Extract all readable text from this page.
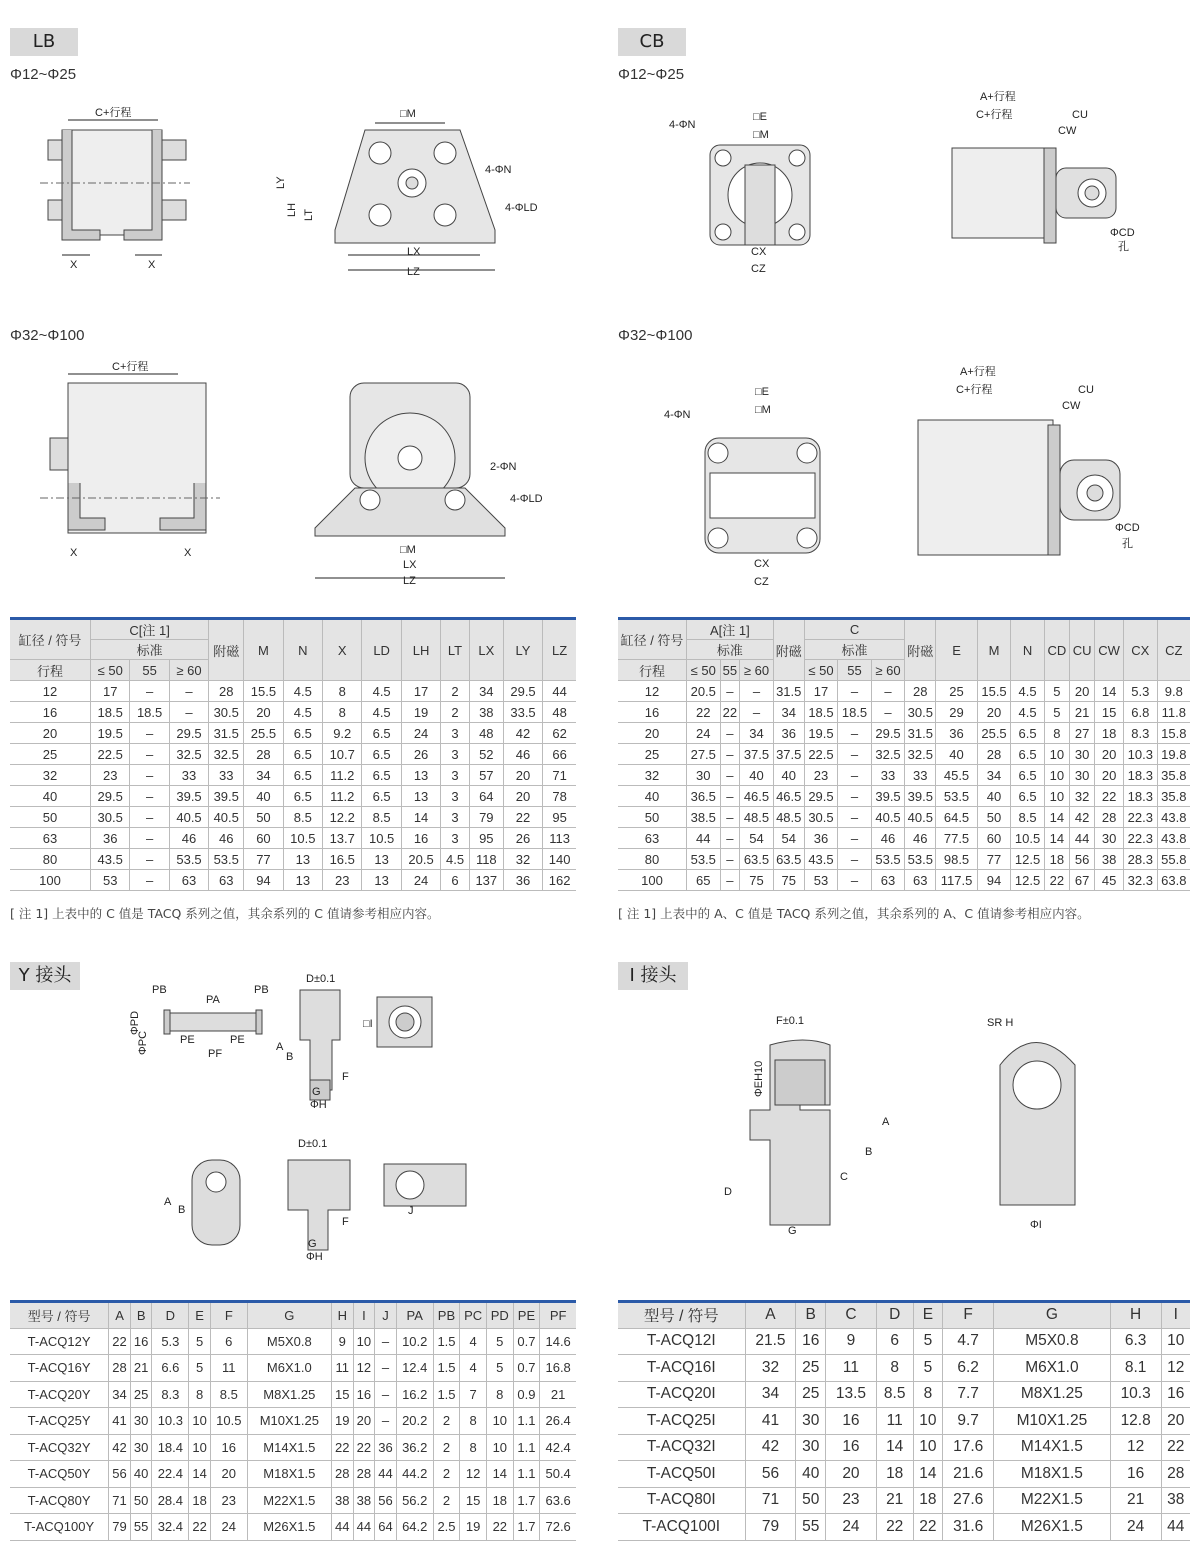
LB
Φ12~Φ25
Φ32~Φ100
CB
Φ12~Φ25
Φ32~Φ100
Y 接头	I 接头
C+行程
X	X
□M
4-ΦN
4-ΦLD
LY
LH LT
LX
LZ
C+行程
X	X
2-ΦN
4-ΦLD
□M
LX
LZ
□E
□M
4-ΦN
CX
CZ
A+行程
C+行程	CU
CW
ΦCD
孔
□E
□M
4-ΦN
CX
CZ
A+行程
C+行程	CU
CW
ΦCD
孔
缸径 / 符号	C[注 1]			附磁	M	N	X	LD	LH	LT	LX	LY	LZ
	标准												
行程	≤ 50	55	≥ 60										
12	17	–	–	28	15.5	4.5	8	4.5	17	2	34	29.5	44
16	18.5	18.5	–	30.5	20	4.5	8	4.5	19	2	38	33.5	48
20	19.5	–	29.5	31.5	25.5	6.5	9.2	6.5	24	3	48	42	62
25	22.5	–	32.5	32.5	28	6.5	10.7	6.5	26	3	52	46	66
32	23	–	33	33	34	6.5	11.2	6.5	13	3	57	20	71
40	29.5	–	39.5	39.5	40	6.5	11.2	6.5	13	3	64	20	78
50	30.5	–	40.5	40.5	50	8.5	12.2	8.5	14	3	79	22	95
63	36	–	46	46	60	10.5	13.7	10.5	16	3	95	26	113
80	43.5	–	53.5	53.5	77	13	16.5	13	20.5	4.5	118	32	140
100	53	–	63	63	94	13	23	13	24	6	137	36	162
[ 注 1] 上表中的 C 值是 TACQ 系列之值，其余系列的 C 值请参考相应内容。
缸径 / 符号	A[注 1]			附磁	C			附磁	E	M	N	CD	CU	CW	CX	CZ
	标准				标准											
行程	≤ 50	55	≥ 60		≤ 50	55	≥ 60									
12	20.5	–	–	31.5	17	–	–	28	25	15.5	4.5	5	20	14	5.3	9.8
16	22	22	–	34	18.5	18.5	–	30.5	29	20	4.5	5	21	15	6.8	11.8
20	24	–	34	36	19.5	–	29.5	31.5	36	25.5	6.5	8	27	18	8.3	15.8
25	27.5	–	37.5	37.5	22.5	–	32.5	32.5	40	28	6.5	10	30	20	10.3	19.8
32	30	–	40	40	23	–	33	33	45.5	34	6.5	10	30	20	18.3	35.8
40	36.5	–	46.5	46.5	29.5	–	39.5	39.5	53.5	40	6.5	10	32	22	18.3	35.8
50	38.5	–	48.5	48.5	30.5	–	40.5	40.5	64.5	50	8.5	14	42	28	22.3	43.8
63	44	–	54	54	36	–	46	46	77.5	60	10.5	14	44	30	22.3	43.8
80	53.5	–	63.5	63.5	43.5	–	53.5	53.5	98.5	77	12.5	18	56	38	28.3	55.8
100	65	–	75	75	53	–	63	63	117.5	94	12.5	22	67	45	32.3	63.8
[ 注 1] 上表中的 A、C 值是 TACQ 系列之值，其余系列的 A、C 值请参考相应内容。
PB
PA
PB
PE	PE
PF
ΦPD
ΦPC
D±0.1
A
B
F
G
ΦH
□I
A
B
D±0.1
G
ΦH
F
J
F±0.1
ΦEH10
D
C
B
A
G
SR H
ΦI
型号 / 符号	A	B	D	E	F	G	H	I	J	PA	PB	PC	PD	PE	PF
T-ACQ12Y	22	16	5.3	5	6	M5X0.8	9	10	–	10.2	1.5	4	5	0.7	14.6
T-ACQ16Y	28	21	6.6	5	11	M6X1.0	11	12	–	12.4	1.5	4	5	0.7	16.8
T-ACQ20Y	34	25	8.3	8	8.5	M8X1.25	15	16	–	16.2	1.5	7	8	0.9	21
T-ACQ25Y	41	30	10.3	10	10.5	M10X1.25	19	20	–	20.2	2	8	10	1.1	26.4
T-ACQ32Y	42	30	18.4	10	16	M14X1.5	22	22	36	36.2	2	8	10	1.1	42.4
T-ACQ50Y	56	40	22.4	14	20	M18X1.5	28	28	44	44.2	2	12	14	1.1	50.4
T-ACQ80Y	71	50	28.4	18	23	M22X1.5	38	38	56	56.2	2	15	18	1.7	63.6
T-ACQ100Y	79	55	32.4	22	24	M26X1.5	44	44	64	64.2	2.5	19	22	1.7	72.6
型号 / 符号	A	B	C	D	E	F	G	H	I
T-ACQ12I	21.5	16	9	6	5	4.7	M5X0.8	6.3	10
T-ACQ16I	32	25	11	8	5	6.2	M6X1.0	8.1	12
T-ACQ20I	34	25	13.5	8.5	8	7.7	M8X1.25	10.3	16
T-ACQ25I	41	30	16	11	10	9.7	M10X1.25	12.8	20
T-ACQ32I	42	30	16	14	10	17.6	M14X1.5	12	22
T-ACQ50I	56	40	20	18	14	21.6	M18X1.5	16	28
T-ACQ80I	71	50	23	21	18	27.6	M22X1.5	21	38
T-ACQ100I	79	55	24	22	22	31.6	M26X1.5	24	44
